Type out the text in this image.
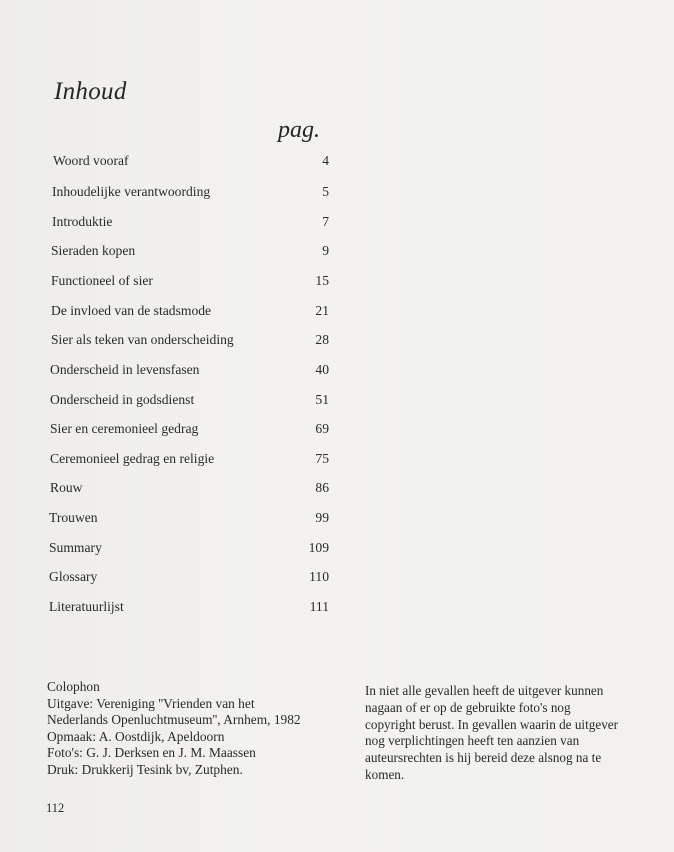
Inhoud
pag.
Woord vooraf	4
Inhoudelijke verantwoording	5
Introduktie	7
Sieraden kopen	9
Functioneel of sier	15
De invloed van de stadsmode	21
Sier als teken van onderscheiding	28
Onderscheid in levensfasen	40
Onderscheid in godsdienst	51
Sier en ceremonieel gedrag	69
Ceremonieel gedrag en religie	75
Rouw	86
Trouwen	99
Summary	109
Glossary	110
Literatuurlijst	111
Colophon
Uitgave: Vereniging ''Vrienden van het
Nederlands Openluchtmuseum'', Arnhem, 1982
Opmaak: A. Oostdijk, Apeldoorn
Foto's: G. J. Derksen en J. M. Maassen
Druk: Drukkerij Tesink bv, Zutphen.
In niet alle gevallen heeft de uitgever kunnen
nagaan of er op de gebruikte foto's nog
copyright berust. In gevallen waarin de uitgever
nog verplichtingen heeft ten aanzien van
auteursrechten is hij bereid deze alsnog na te
komen.
112
